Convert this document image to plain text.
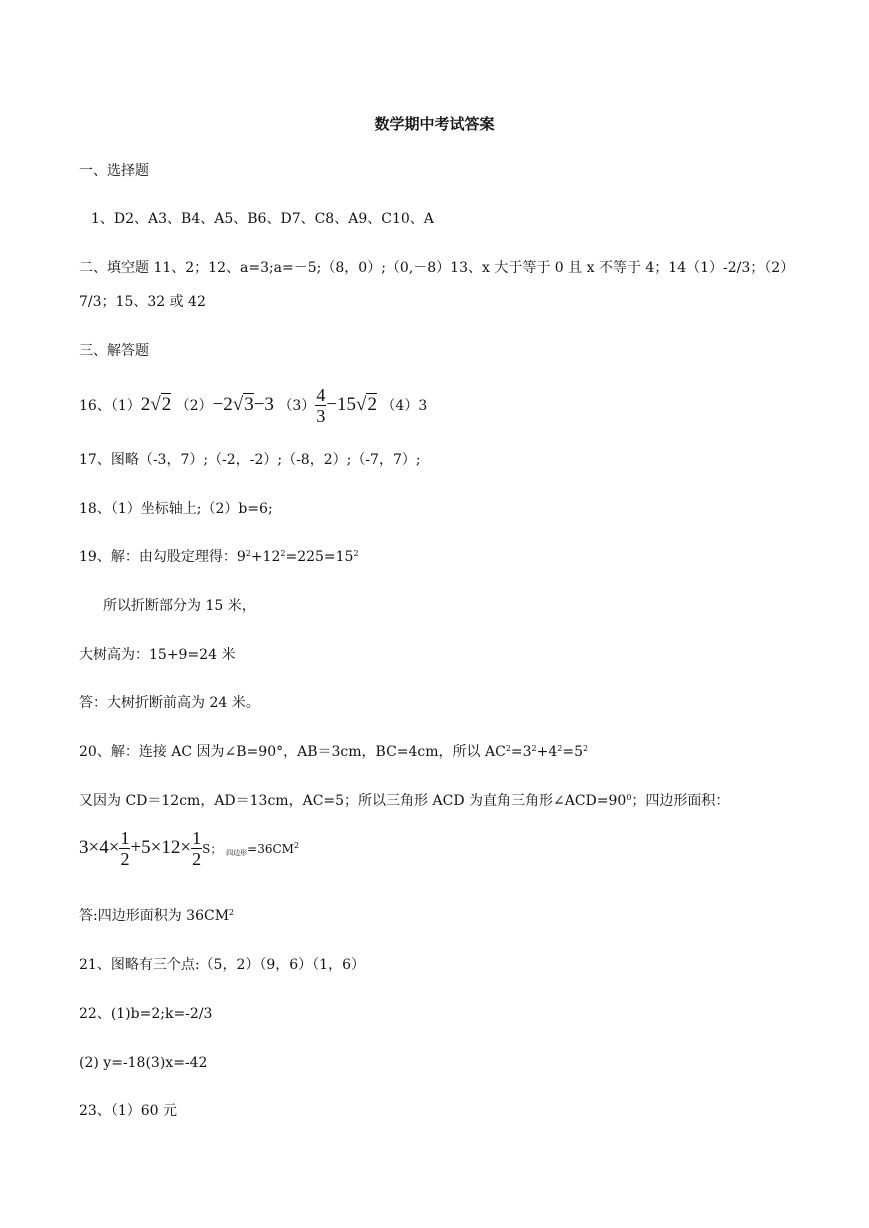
数学期中考试答案
一、选择题
1、D2、A3、B4、A5、B6、D7、C8、A9、C10、A
二、填空题 11、2；12、a=3;a=－5;（8，0）;（0,－8）13、x 大于等于 0 且 x 不等于 4；14（1）-2/3；（2）
7/3；15、32 或 42
三、解答题
16、（1）2√2 （2）−2√3−3 $(3) \frac{4}{3} -15√2$ （4）3
17、图略（-3，7）;（-2，-2）;（-8，2）;（-7，7）;
18、（1）坐标轴上;（2）b=6;
19、解：由勾股定理得：$9^2+12^2=225=15^2$
所以折断部分为 15 米，
大树高为：15+9=24 米
答：大树折断前高为 24 米。
20、解：连接 AC 因为∠B=90°，AB＝3cm，BC=4cm，所以 $AC^2=3^2+4^2=5^2$
又因为 CD＝12cm，AD＝13cm，AC=5；所以三角形 ACD 为直角三角形$\angle ACD=90^0$；四边形面积：
$3\times 4\times \frac{1}{2} +5\times 12\times \frac{1}{2}$ S； $_{四边形}=36CM^2$
答:四边形面积为 $36CM^2$
21、图略有三个点:（5，2）（9，6）（1，6）
22、(1)b=2;k=-2/3
(2) y=-18(3)x=-42
23、（1）60 元
